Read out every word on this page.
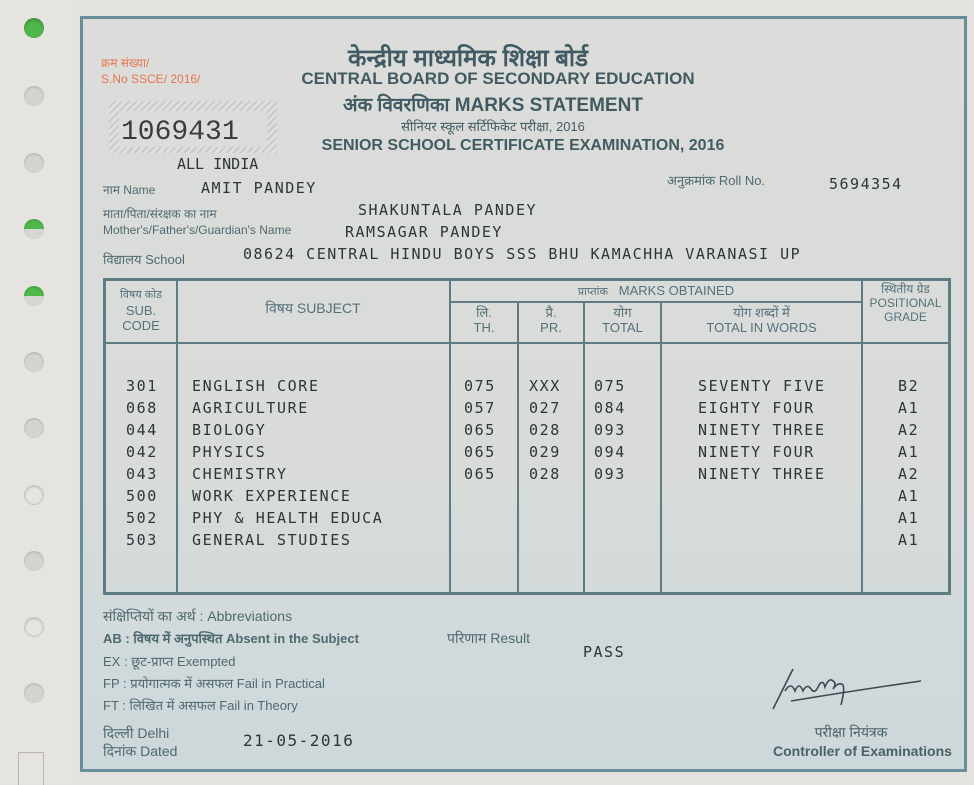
क्रम संख्या/
S.No SSCE/ 2016/
1069431
ALL INDIA
केन्द्रीय माध्यमिक शिक्षा बोर्ड
CENTRAL BOARD OF SECONDARY EDUCATION
अंक विवरणिका MARKS STATEMENT
सीनियर स्कूल सर्टिफिकेट परीक्षा, 2016
SENIOR SCHOOL CERTIFICATE EXAMINATION, 2016
नाम Name	AMIT PANDEY	अनुक्रमांक Roll No.	5694354
माता/पिता/संरक्षक का नाम
Mother's/Father's/Guardian's Name
SHAKUNTALA PANDEY
RAMSAGAR PANDEY
विद्यालय School	08624 CENTRAL HINDU BOYS SSS BHU KAMACHHA VARANASI UP
विषय कोड
SUB.
CODE
विषय SUBJECT
प्राप्तांक MARKS OBTAINED
लि.
TH.
प्रै.
PR.
योग
TOTAL
योग शब्दों में
TOTAL IN WORDS
स्थितीय ग्रेड
POSITIONAL
GRADE
301 ENGLISH CORE	075 XXX 075	SEVENTY FIVE	B2
068 AGRICULTURE	057 027 084	EIGHTY FOUR	A1
044 BIOLOGY	065 028 093	NINETY THREE	A2
042 PHYSICS	065 029 094	NINETY FOUR	A1
043 CHEMISTRY	065 028 093	NINETY THREE	A2
500 WORK EXPERIENCE	A1
502 PHY & HEALTH EDUCA	A1
503 GENERAL STUDIES	A1
संक्षिप्तियों का अर्थ : Abbreviations
AB : विषय में अनुपस्थित Absent in the Subject
EX : छूट-प्राप्त Exempted
FP : प्रयोगात्मक में असफल Fail in Practical
FT : लिखित में असफल Fail in Theory
परिणाम Result
PASS
दिल्ली Delhi
दिनांक Dated
21-05-2016	परीक्षा नियंत्रक
Controller of Examinations
